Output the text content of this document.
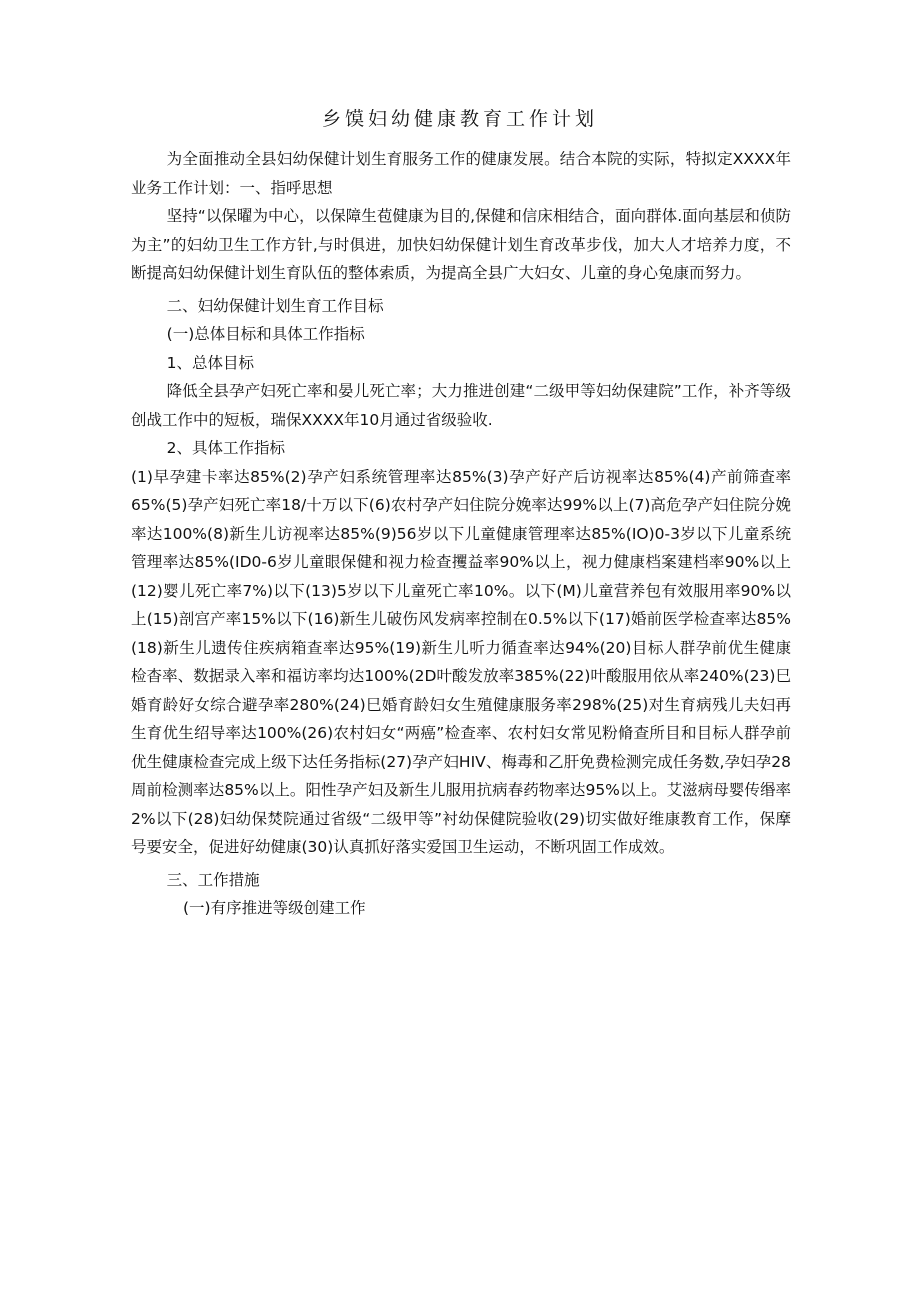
乡馍妇幼健康教育工作计划

为全面推动全县妇幼保健计划生育服务工作的健康发展。结合本院的实际，特拟定XXXX年业务工作计划：一、指呼思想

坚持“以保曜为中心，以保障生苞健康为目的,保健和信床相结合，面向群体.面向基层和侦防为主”的妇幼卫生工作方针,与时俱进，加快妇幼保健计划生育改革步伐，加大人才培养力度，不断提高妇幼保健计划生育队伍的整体索质，为提高全县广大妇女、儿童的身心兔康而努力。

二、妇幼保健计划生育工作目标

(一)总体目标和具体工作指标

1、总体目标

降低全县孕产妇死亡率和晏儿死亡率；大力推进创建“二级甲等妇幼保建院”工作，补齐等级创战工作中的短板，瑞保XXXX年10月通过省级验收.

2、具体工作指标

(1)早孕建卡率达85%(2)孕产妇系统管理率达85%(3)孕产好产后访视率达85%(4)产前筛查率65%(5)孕产妇死亡率18/十万以下(6)农村孕产妇住院分娩率达99%以上(7)高危孕产妇住院分娩率达100%(8)新生儿访视率达85%(9)56岁以下儿童健康管理率达85%(IO)0-3岁以下儿童系统管理率达85%(ID0-6岁儿童眼保健和视力检查攫益率90%以上，视力健康档案建档率90%以上(12)婴儿死亡率7%)以下(13)5岁以下儿童死亡率10%。以下(M)儿童营养包有效服用率90%以上(15)剖宫产率15%以下(16)新生儿破伤风发病率控制在0.5%以下(17)婚前医学检查率达85%(18)新生儿遗传住疾病箱查率达95%(19)新生儿听力循查率达94%(20)目标人群孕前优生健康检杳率、数据录入率和福访率均达100%(2D叶酸发放率385%(22)叶酸服用依从率240%(23)巳婚育龄好女综合避孕率280%(24)巳婚育龄妇女生殖健康服务率298%(25)对生育病残儿夫妇再生育优生绍导率达100%(26)农村妇女“两癌”检查率、农村妇女常见粉脩查所目和目标人群孕前优生健康检查完成上级下达任务指标(27)孕产妇HIV、梅毒和乙肝免费检测完成任务数,孕妇孕28周前检测率达85%以上。阳性孕产妇及新生儿服用抗病春药物率达95%以上。艾滋病母婴传缗率2%以下(28)妇幼保焚院通过省级“二级甲等”衬幼保健院验收(29)切实做好维康教育工作，保摩号要安全，促进好幼健康(30)认真抓好落实爱国卫生运动，不断巩固工作成效。

三、工作措施

(一)有序推进等级创建工作
